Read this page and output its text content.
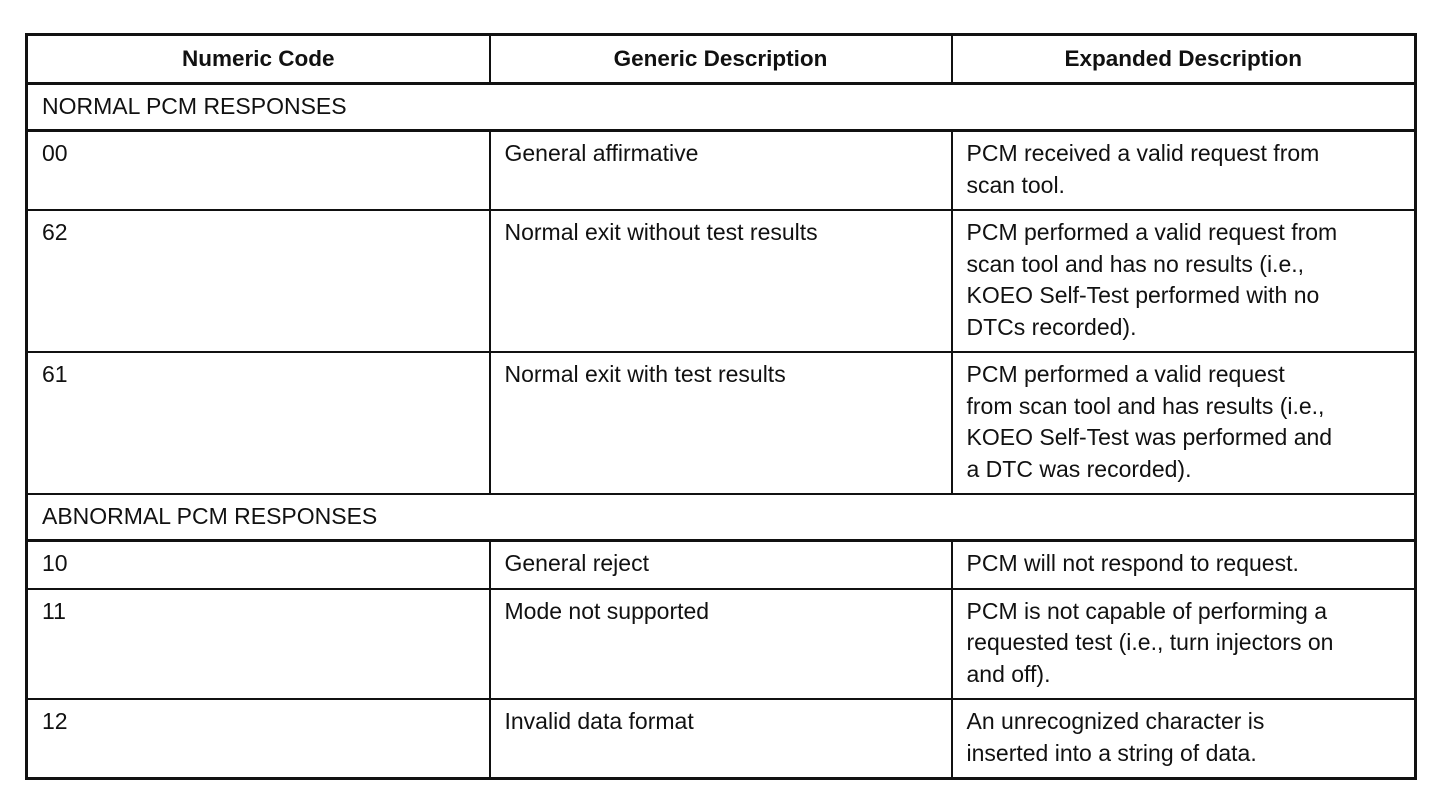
Numeric Code	Generic Description	Expanded Description
NORMAL PCM RESPONSES		
00	General affirmative	PCM received a valid request from
scan tool.

62	Normal exit without test results	PCM performed a valid request from
scan tool and has no results (i.e.,
KOEO Self-Test performed with no
DTCs recorded).

61	Normal exit with test results	PCM performed a valid request
from scan tool and has results (i.e.,
KOEO Self-Test was performed and
a DTC was recorded).

ABNORMAL PCM RESPONSES		
10	General reject	PCM will not respond to request.

11	Mode not supported	PCM is not capable of performing a
requested test (i.e., turn injectors on
and off).

12	Invalid data format	An unrecognized character is
inserted into a string of data.
